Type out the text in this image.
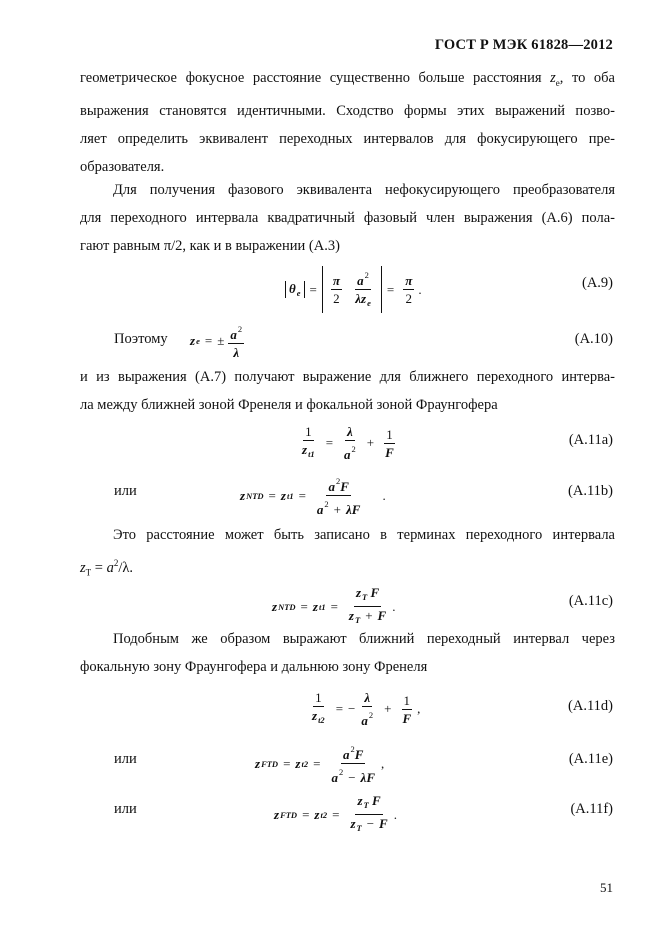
ГОСТ Р МЭК 61828—2012
геометрическое фокусное расстояние существенно больше расстояния $z_e$, то оба
выражения становятся идентичными. Сходство формы этих выражений позво-
ляет определить эквивалент переходных интервалов для фокусирующего пре-
образователя.
Для получения фазового эквивалента нефокусирующего преобразователя
для переходного интервала квадратичный фазовый член выражения (А.6) пола-
гают равным π/2, как и в выражении (А.3)
$\theta_e = \frac{\pi}{2}$
$\frac{a^2}{\lambda z_e} = \frac{\pi}{2}$ .	(А.9)
Поэтому z e = ± $\frac{a^2}{\lambda}$	(А.10)
и из выражения (А.7) получают выражение для ближнего переходного интерва-
ла между ближней зоной Френеля и фокальной зоной Фраунгофера
$\frac{1}{z_{t1}} = \frac{\lambda}{a^2} + \frac{1}{F}$	(А.11a)
или	z NTD = z $t1 = \frac{a^2F}{a^2 + \lambda F}$ .	(А.11b)
Это расстояние может быть записано в терминах переходного интервала
$z_T = a^2/\lambda$.
z NTD = z $t1 = \frac{z_T F}{z_T + F}$ .	(А.11c)
Подобным же образом выражают ближний переходный интервал через
фокальную зону Фраунгофера и дальнюю зону Френеля
$\frac{1}{z_{t2}}$ = − $\frac{\lambda}{a^2} + \frac{1}{F}$ ,	(А.11d)
или	z FTD = z $t2 = \frac{a^2F}{a^2 - \lambda F}$ ,	(А.11e)
или	z FTD = z $t2 = \frac{z_T F}{z_T - F}$ .	(А.11f)
51
